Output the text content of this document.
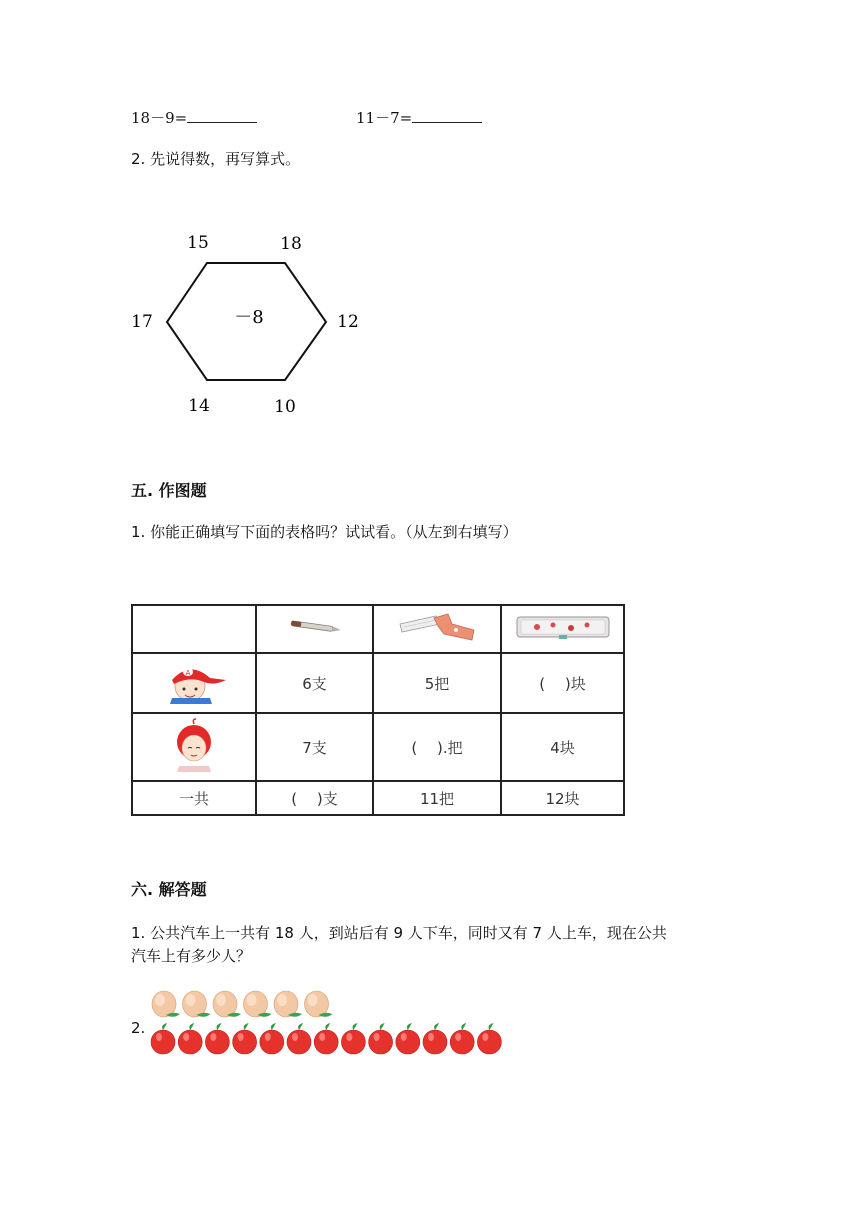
18－9=	11－7=
2. 先说得数，再写算式。
－8
15	18
17	12
14	10
五. 作图题
1. 你能正确填写下面的表格吗？试试看。（从左到右填写）

A	6支	5把	(　 )块
	7支	(　 ).把	4块
一共	(　 )支	11把	12块
六. 解答题
1. 公共汽车上一共有 18 人，到站后有 9 人下车，同时又有 7 人上车，现在公共
汽车上有多少人？
2.
